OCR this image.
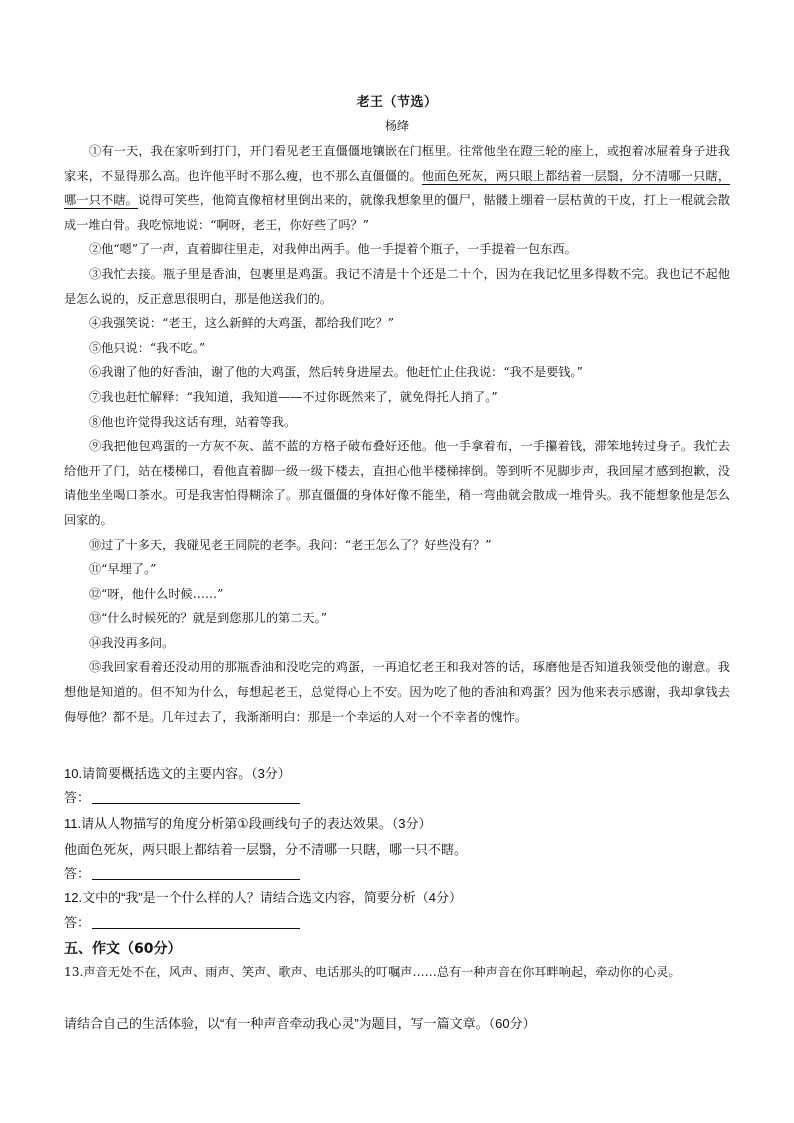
老王（节选）
杨绛

①有一天，我在家听到打门，开门看见老王直僵僵地镶嵌在门框里。往常他坐在蹬三轮的座上，或抱着冰屉着身子进我家来，不显得那么高。也许他平时不那么瘦，也不那么直僵僵的。他面色死灰，两只眼上都结着一层翳，分不清哪一只瞎，哪一只不瞎。说得可笑些，他简直像棺材里倒出来的，就像我想象里的僵尸，骷髅上绷着一层枯黄的干皮，打上一棍就会散成一堆白骨。我吃惊地说：“啊呀，老王，你好些了吗？”

②他“嗯”了一声，直着脚往里走，对我伸出两手。他一手提着个瓶子，一手提着一包东西。

③我忙去接。瓶子里是香油，包裹里是鸡蛋。我记不清是十个还是二十个，因为在我记忆里多得数不完。我也记不起他是怎么说的，反正意思很明白，那是他送我们的。

④我强笑说：“老王，这么新鲜的大鸡蛋，都给我们吃？”

⑤他只说：“我不吃。”

⑥我谢了他的好香油，谢了他的大鸡蛋，然后转身进屋去。他赶忙止住我说：“我不是要钱。”

⑦我也赶忙解释：“我知道，我知道——不过你既然来了，就免得托人捎了。”

⑧他也许觉得我这话有理，站着等我。

⑨我把他包鸡蛋的一方灰不灰、蓝不蓝的方格子破布叠好还他。他一手拿着布，一手攥着钱，滞笨地转过身子。我忙去给他开了门，站在楼梯口，看他直着脚一级一级下楼去，直担心他半楼梯摔倒。等到听不见脚步声，我回屋才感到抱歉，没请他坐坐喝口茶水。可是我害怕得糊涂了。那直僵僵的身体好像不能坐，稍一弯曲就会散成一堆骨头。我不能想象他是怎么回家的。

⑩过了十多天，我碰见老王同院的老李。我问：“老王怎么了？好些没有？”

⑪“早埋了。”

⑫“呀，他什么时候……”

⑬“什么时候死的？就是到您那儿的第二天。”

⑭我没再多问。

⑮我回家看着还没动用的那瓶香油和没吃完的鸡蛋，一再追忆老王和我对答的话，琢磨他是否知道我领受他的谢意。我想他是知道的。但不知为什么，每想起老王，总觉得心上不安。因为吃了他的香油和鸡蛋？因为他来表示感谢，我却拿钱去侮辱他？都不是。几年过去了，我渐渐明白：那是一个幸运的人对一个不幸者的愧怍。

10.请简要概括选文的主要内容。（3分）
答：
11.请从人物描写的角度分析第①段画线句子的表达效果。（3分）
他面色死灰，两只眼上都结着一层翳，分不清哪一只瞎，哪一只不瞎。
答：
12.文中的“我”是一个什么样的人？请结合选文内容，简要分析（4分）
答：
五、作文（60分）
13.声音无处不在，风声、雨声、笑声、歌声、电话那头的叮嘱声……总有一种声音在你耳畔响起，牵动你的心灵。
请结合自己的生活体验，以“有一种声音牵动我心灵”为题目，写一篇文章。（60分）
